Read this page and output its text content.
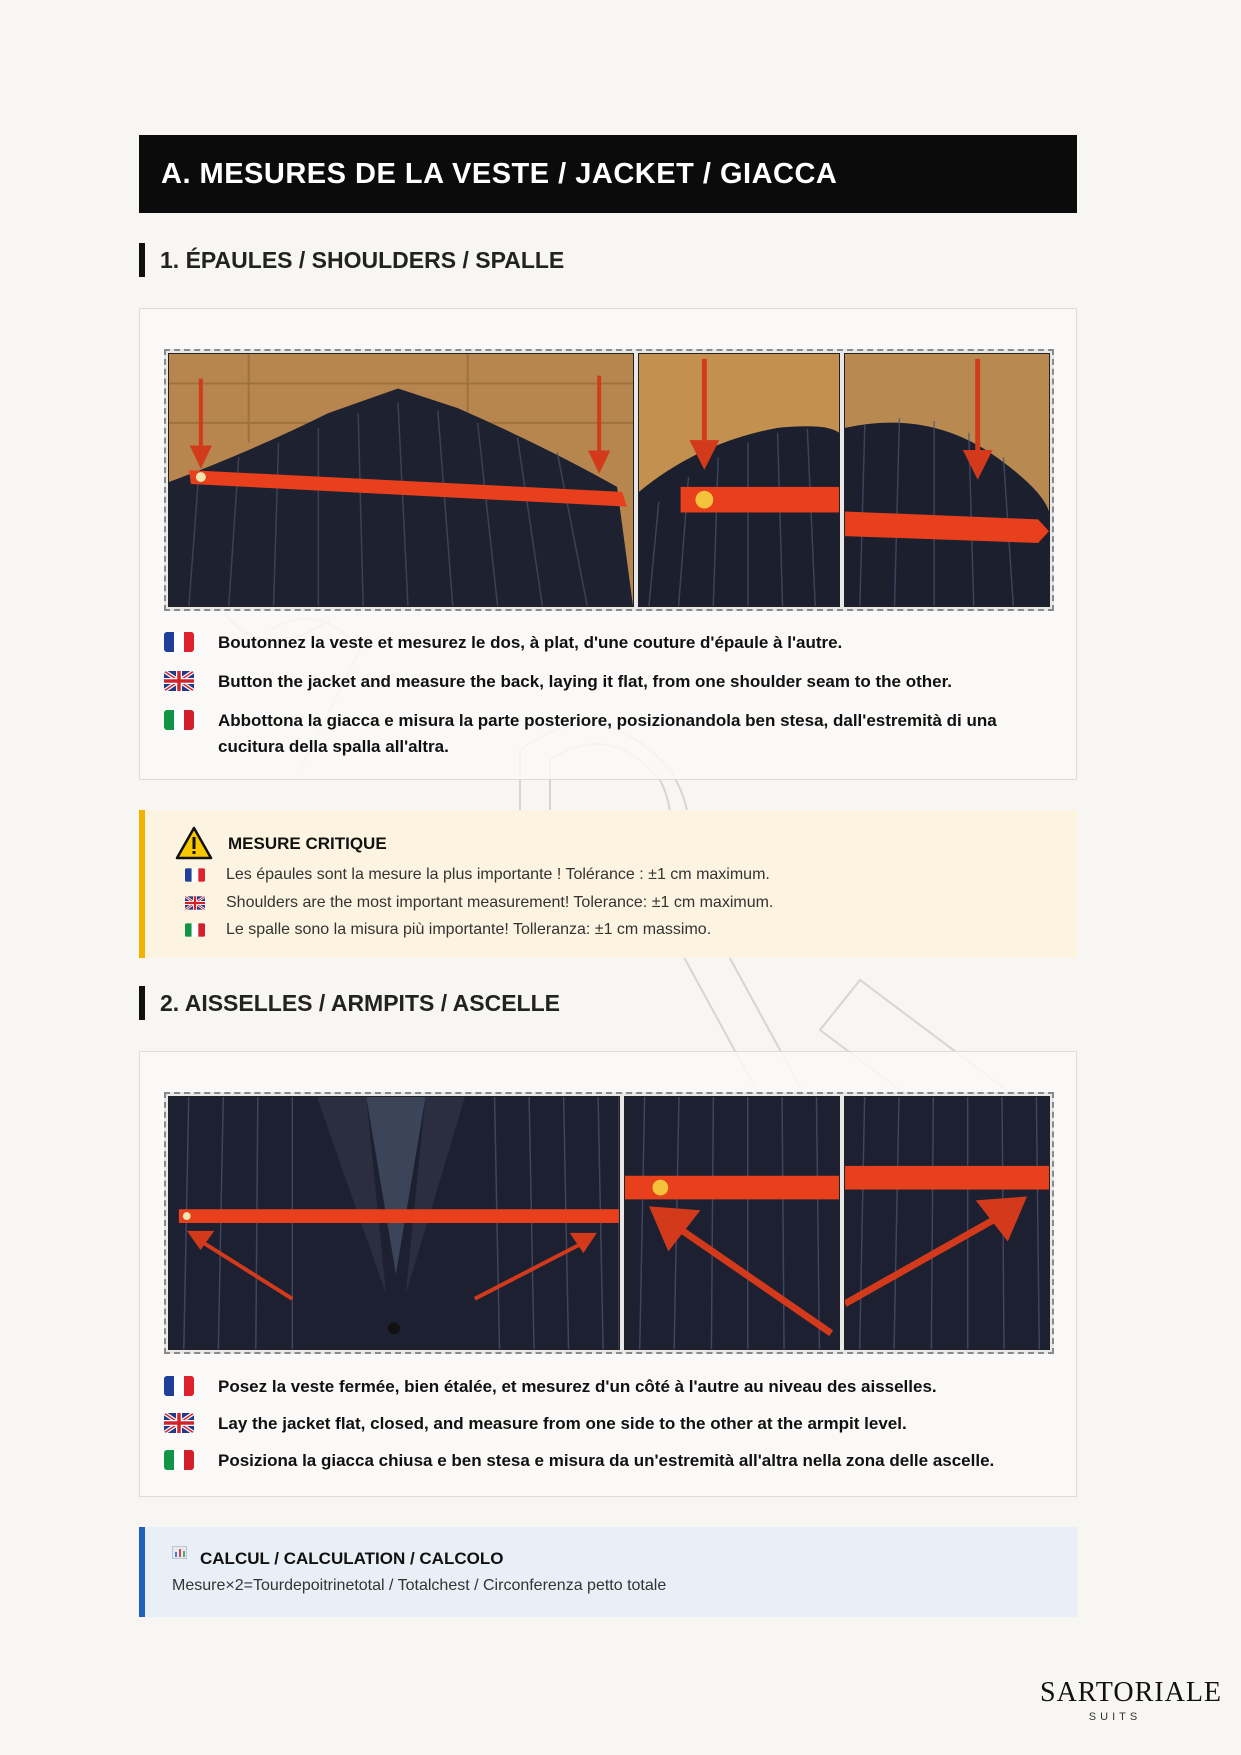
A. MESURES DE LA VESTE / JACKET / GIACCA
1. ÉPAULES / SHOULDERS / SPALLE
Boutonnez la veste et mesurez le dos, à plat, d'une couture d'épaule à l'autre.
Button the jacket and measure the back, laying it flat, from one shoulder seam to the other.
Abbottona la giacca e misura la parte posteriore, posizionandola ben stesa, dall'estremità di una cucitura della spalla all'altra.
MESURE CRITIQUE
Les épaules sont la mesure la plus importante ! Tolérance : ±1 cm maximum.
Shoulders are the most important measurement! Tolerance: ±1 cm maximum.
Le spalle sono la misura più importante! Tolleranza: ±1 cm massimo.
2. AISSELLES / ARMPITS / ASCELLE
Posez la veste fermée, bien étalée, et mesurez d'un côté à l'autre au niveau des aisselles.
Lay the jacket flat, closed, and measure from one side to the other at the armpit level.
Posiziona la giacca chiusa e ben stesa e misura da un'estremità all'altra nella zona delle ascelle.
CALCUL / CALCULATION / CALCOLO
Mesure×2=Tourdepoitrinetotal / Totalchest / Circonferenza petto totale
SARTORIALE
SUITS
